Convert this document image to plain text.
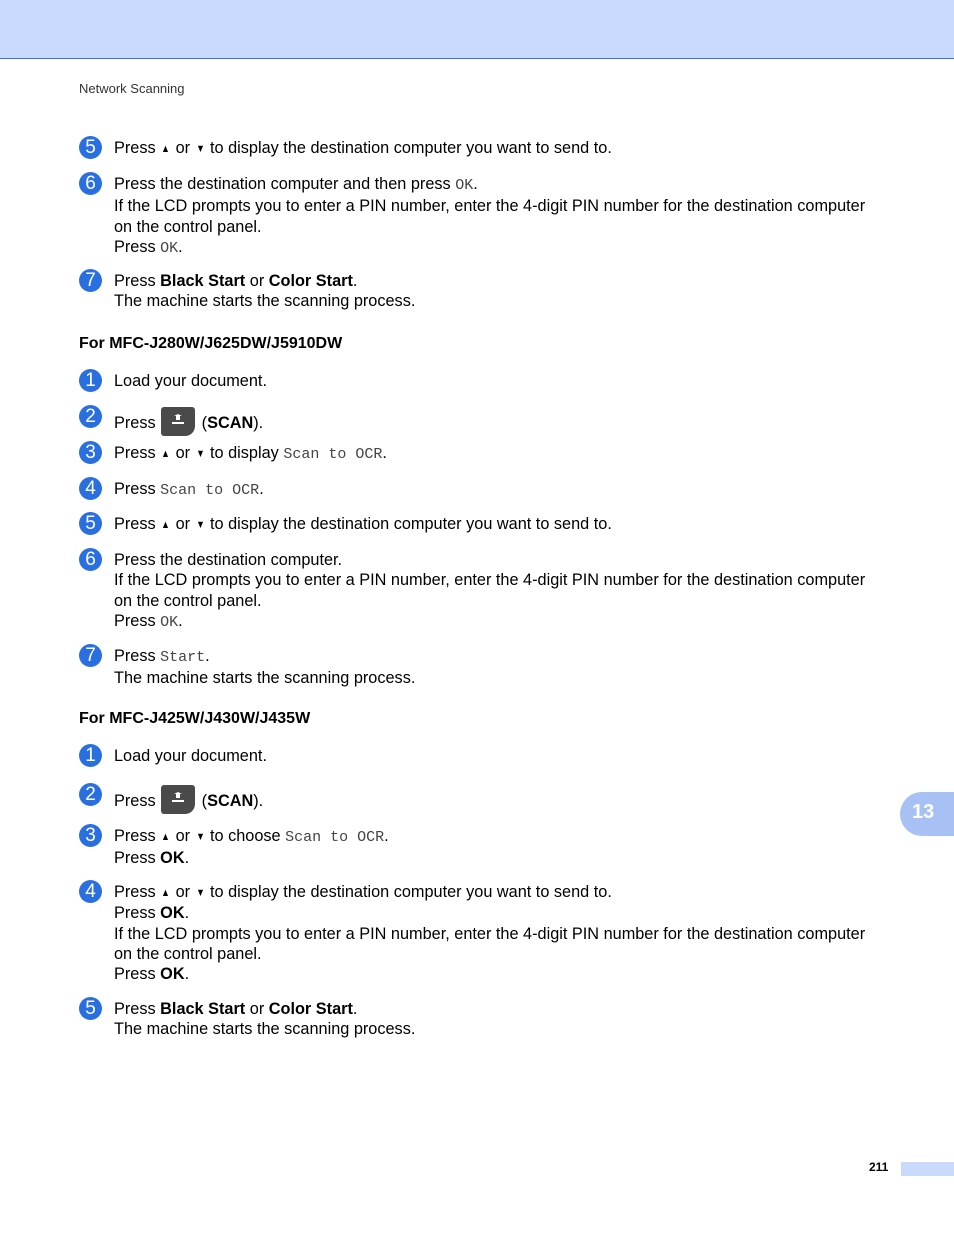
Network Scanning
5	Press ▲ or ▼ to display the destination computer you want to send to.
6	Press the destination computer and then press OK.
If the LCD prompts you to enter a PIN number, enter the 4-digit PIN number for the destination computer
on the control panel.
Press OK.
7	Press Black Start or Color Start.
The machine starts the scanning process.
For MFC-J280W/J625DW/J5910DW
1	Load your document.
2	Press
(SCAN).
3	Press ▲ or ▼ to display Scan to OCR.
4	Press Scan to OCR.
5	Press ▲ or ▼ to display the destination computer you want to send to.
6	Press the destination computer.
If the LCD prompts you to enter a PIN number, enter the 4-digit PIN number for the destination computer
on the control panel.
Press OK.
7	Press Start.
The machine starts the scanning process.
For MFC-J425W/J430W/J435W
1	Load your document.
2	Press
(SCAN).
3	Press ▲ or ▼ to choose Scan to OCR.
Press OK.
4	Press ▲ or ▼ to display the destination computer you want to send to.
Press OK.
If the LCD prompts you to enter a PIN number, enter the 4-digit PIN number for the destination computer
on the control panel.
Press OK.
5	Press Black Start or Color Start.
The machine starts the scanning process.
13
211
